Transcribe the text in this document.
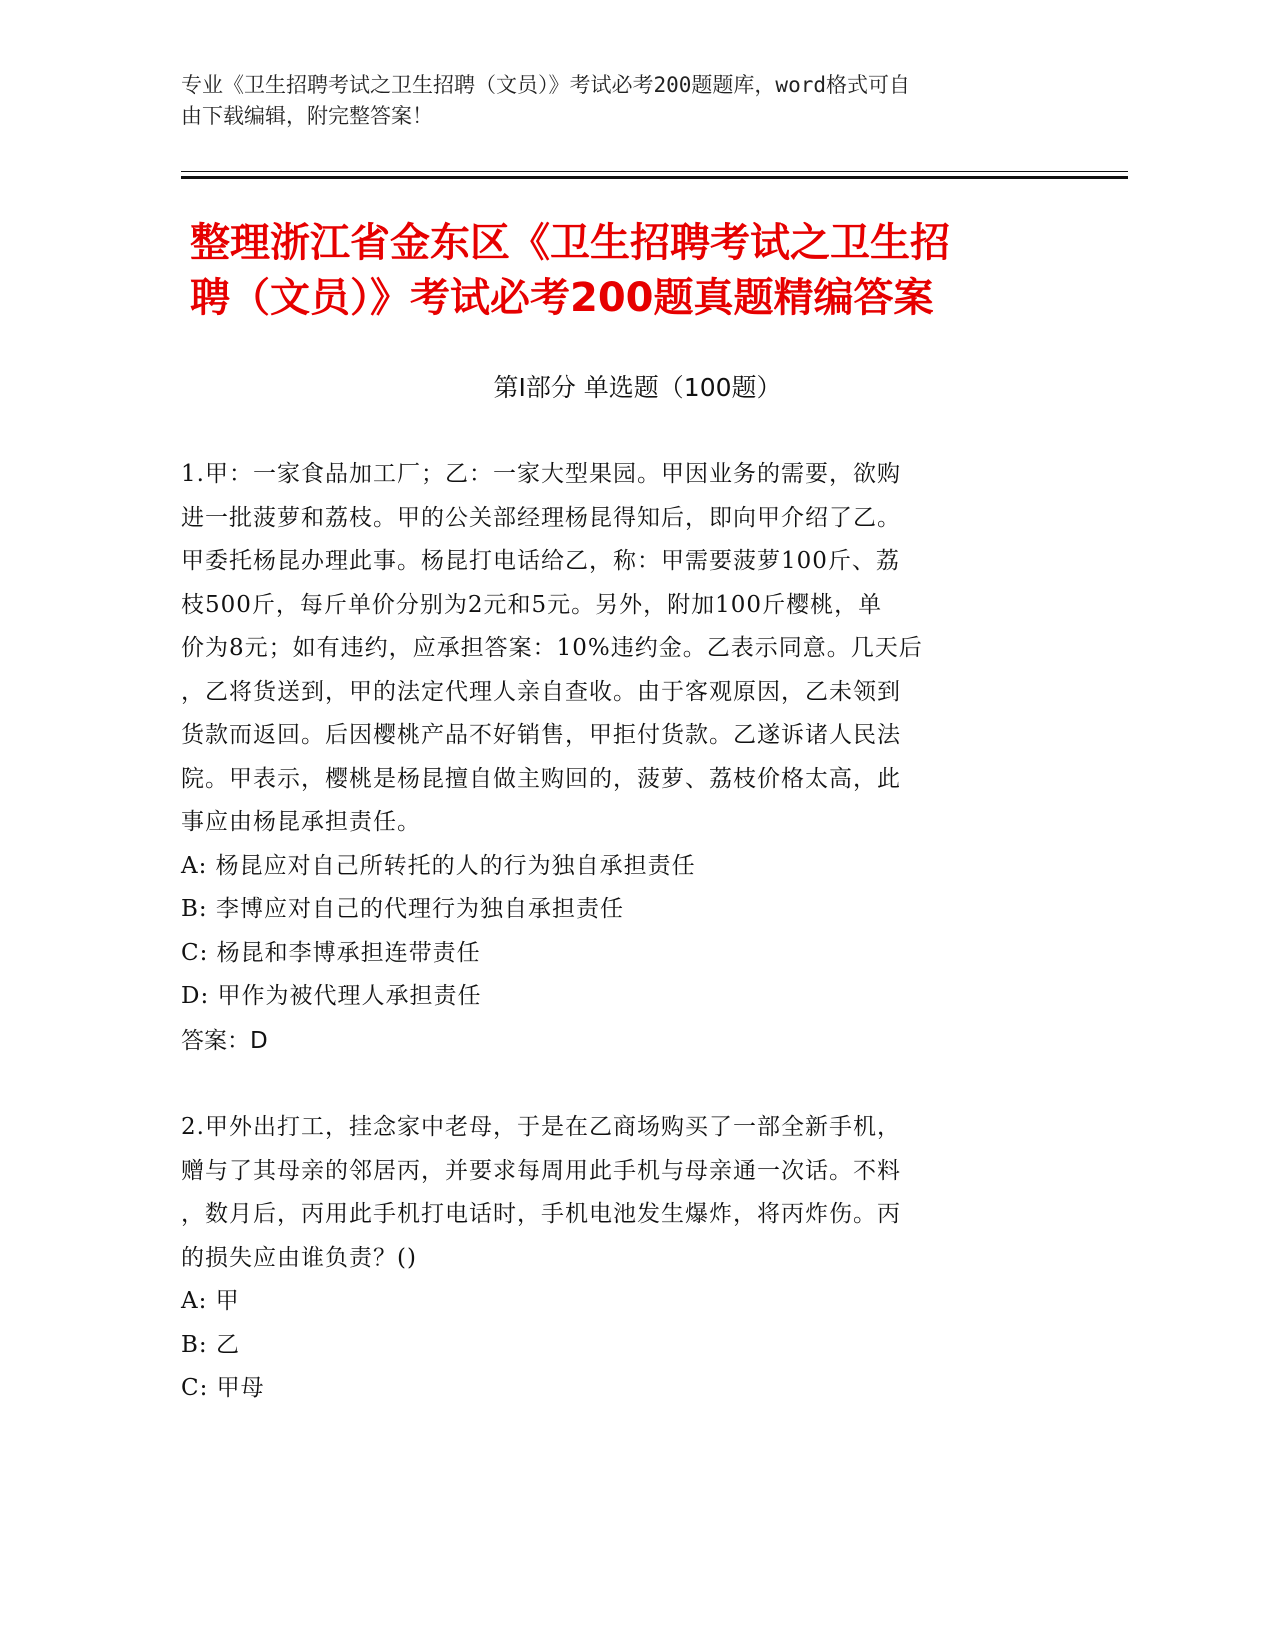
专业《卫生招聘考试之卫生招聘（文员）》考试必考200题题库，word格式可自
由下载编辑，附完整答案！
整理浙江省金东区《卫生招聘考试之卫生招
聘（文员）》考试必考200题真题精编答案
第Ⅰ部分 单选题（100题）
1.甲：一家食品加工厂；乙：一家大型果园。甲因业务的需要，欲购
进一批菠萝和荔枝。甲的公关部经理杨昆得知后，即向甲介绍了乙。
甲委托杨昆办理此事。杨昆打电话给乙，称：甲需要菠萝100斤、荔
枝500斤，每斤单价分别为2元和5元。另外，附加100斤樱桃，单
价为8元；如有违约，应承担答案：10%违约金。乙表示同意。几天后
，乙将货送到，甲的法定代理人亲自查收。由于客观原因，乙未领到
货款而返回。后因樱桃产品不好销售，甲拒付货款。乙遂诉诸人民法
院。甲表示，樱桃是杨昆擅自做主购回的，菠萝、荔枝价格太高，此
事应由杨昆承担责任。
A: 杨昆应对自己所转托的人的行为独自承担责任
B: 李博应对自己的代理行为独自承担责任
C: 杨昆和李博承担连带责任
D: 甲作为被代理人承担责任
答案：D
2.甲外出打工，挂念家中老母，于是在乙商场购买了一部全新手机，
赠与了其母亲的邻居丙，并要求每周用此手机与母亲通一次话。不料
，数月后，丙用此手机打电话时，手机电池发生爆炸，将丙炸伤。丙
的损失应由谁负责？()
A: 甲
B: 乙
C: 甲母
